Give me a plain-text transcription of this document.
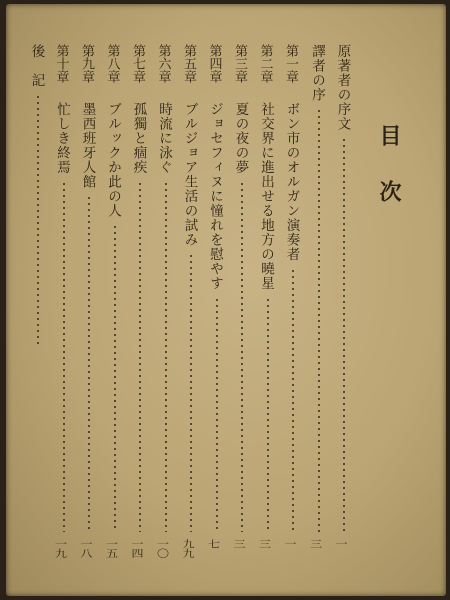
目次
原著者の序文
一
譯者の序
三
第一章
ボン市のオルガン演奏者
一
第二章
社交界に進出せる地方の曉星
三
第三章
夏の夜の夢
三
第四章
ジョセフィヌに憧れを慰やす
七
第五章
ブルジョア生活の試み
九九
第六章
時流に泳ぐ
一〇
第七章
孤獨と痼疾
一四
第八章
ブルックか此の人
一五
第九章
墨西班牙人館
一八
第十章
忙しき終焉
一九
後　記
